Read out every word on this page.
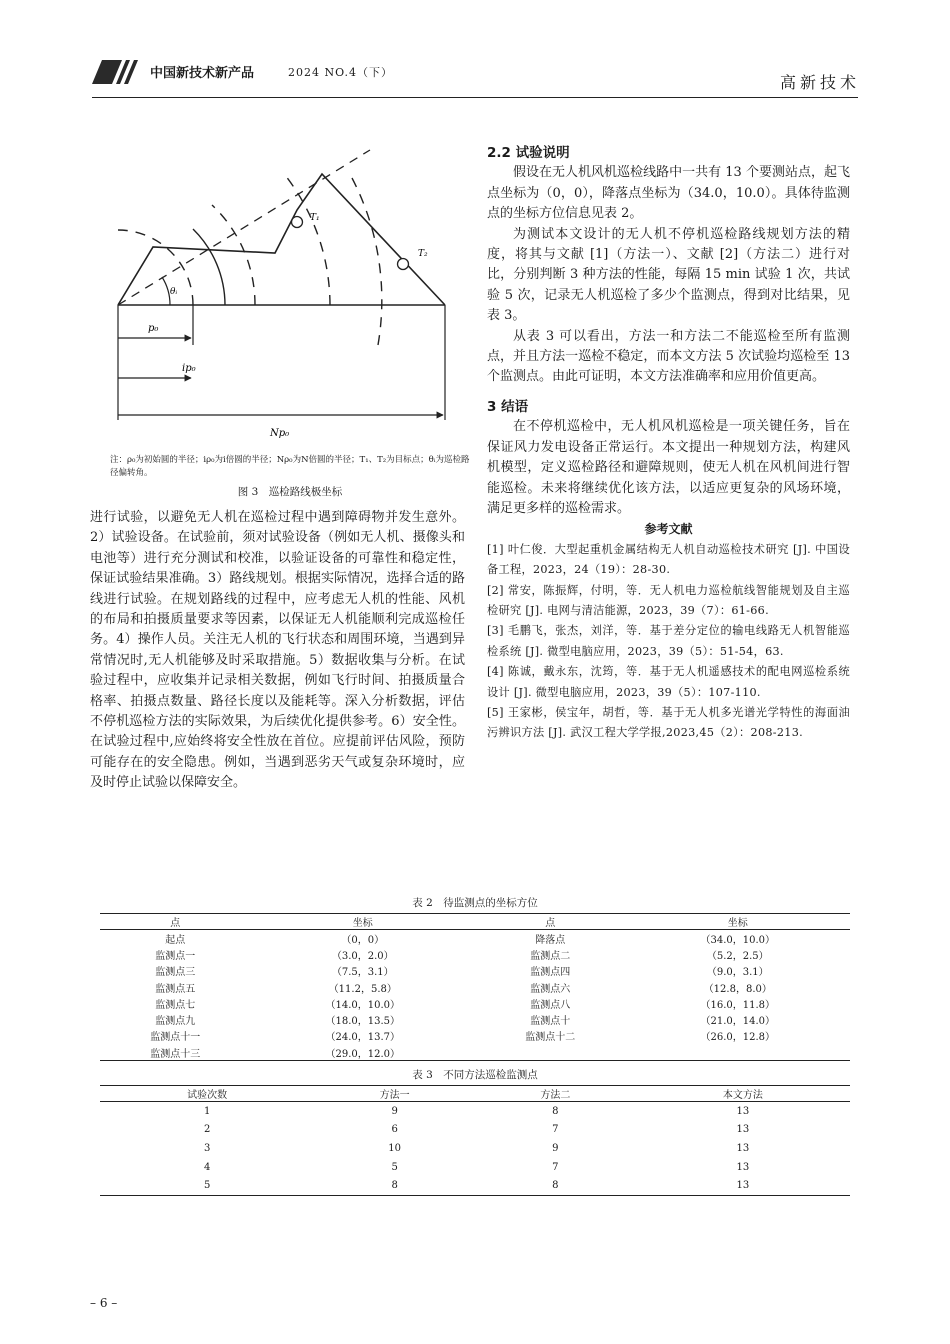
中国新技术新产品	2024 NO.4（下）
高新技术
T₁
T₂
θᵢ
p₀
ip₀
Np₀
注：ρ₀为初始圆的半径；iρ₀为i倍圆的半径；Nρ₀为N倍圆的半径；T₁、T₂为目标点；θᵢ为巡检路径偏转角。
图 3　巡检路线极坐标

进行试验，以避免无人机在巡检过程中遇到障碍物并发生意外。2）试验设备。在试验前，须对试验设备（例如无人机、摄像头和电池等）进行充分测试和校准，以验证设备的可靠性和稳定性，保证试验结果准确。3）路线规划。根据实际情况，选择合适的路线进行试验。在规划路线的过程中，应考虑无人机的性能、风机的布局和拍摄质量要求等因素，以保证无人机能顺利完成巡检任务。4）操作人员。关注无人机的飞行状态和周围环境，当遇到异常情况时,无人机能够及时采取措施。5）数据收集与分析。在试验过程中，应收集并记录相关数据，例如飞行时间、拍摄质量合格率、拍摄点数量、路径长度以及能耗等。深入分析数据，评估不停机巡检方法的实际效果，为后续优化提供参考。6）安全性。在试验过程中,应始终将安全性放在首位。应提前评估风险，预防可能存在的安全隐患。例如，当遇到恶劣天气或复杂环境时，应及时停止试验以保障安全。

2.2 试验说明

假设在无人机风机巡检线路中一共有 13 个要测站点，起飞点坐标为（0，0），降落点坐标为（34.0，10.0）。具体待监测点的坐标方位信息见表 2。

为测试本文设计的无人机不停机巡检路线规划方法的精度，将其与文献 [1]（方法一）、文献 [2]（方法二）进行对比，分别判断 3 种方法的性能，每隔 15 min 试验 1 次，共试验 5 次，记录无人机巡检了多少个监测点，得到对比结果，见表 3。

从表 3 可以看出，方法一和方法二不能巡检至所有监测点，并且方法一巡检不稳定，而本文方法 5 次试验均巡检至 13 个监测点。由此可证明，本文方法准确率和应用价值更高。

3 结语

在不停机巡检中，无人机风机巡检是一项关键任务，旨在保证风力发电设备正常运行。本文提出一种规划方法，构建风机模型，定义巡检路径和避障规则，使无人机在风机间进行智能巡检。未来将继续优化该方法，以适应更复杂的风场环境，满足更多样的巡检需求。

参考文献

[1] 叶仁俊．大型起重机金属结构无人机自动巡检技术研究 [J]. 中国设备工程，2023，24（19）：28-30.

[2] 常安，陈振辉，付明，等．无人机电力巡检航线智能规划及自主巡检研究 [J]. 电网与清洁能源，2023，39（7）：61-66.

[3] 毛鹏飞，张杰，刘洋，等．基于差分定位的输电线路无人机智能巡检系统 [J]. 微型电脑应用，2023，39（5）：51-54，63.

[4] 陈诚，戴永东，沈筠，等．基于无人机遥感技术的配电网巡检系统设计 [J]. 微型电脑应用，2023，39（5）：107-110.

[5] 王家彬，侯宝年，胡哲，等．基于无人机多光谱光学特性的海面油污辨识方法 [J]. 武汉工程大学学报,2023,45（2）：208-213.

表 2　待监测点的坐标方位
点	坐标	点	坐标
起点	（0，0）	降落点	（34.0，10.0）
监测点一	（3.0，2.0）	监测点二	（5.2，2.5）
监测点三	（7.5，3.1）	监测点四	（9.0，3.1）
监测点五	（11.2，5.8）	监测点六	（12.8，8.0）
监测点七	（14.0，10.0）	监测点八	（16.0，11.8）
监测点九	（18.0，13.5）	监测点十	（21.0，14.0）
监测点十一	（24.0，13.7）	监测点十二	（26.0，12.8）
监测点十三	（29.0，12.0）		
表 3　不同方法巡检监测点
试验次数	方法一	方法二	本文方法
1	9	8	13
2	6	7	13
3	10	9	13
4	5	7	13
5	8	8	13
– 6 –
